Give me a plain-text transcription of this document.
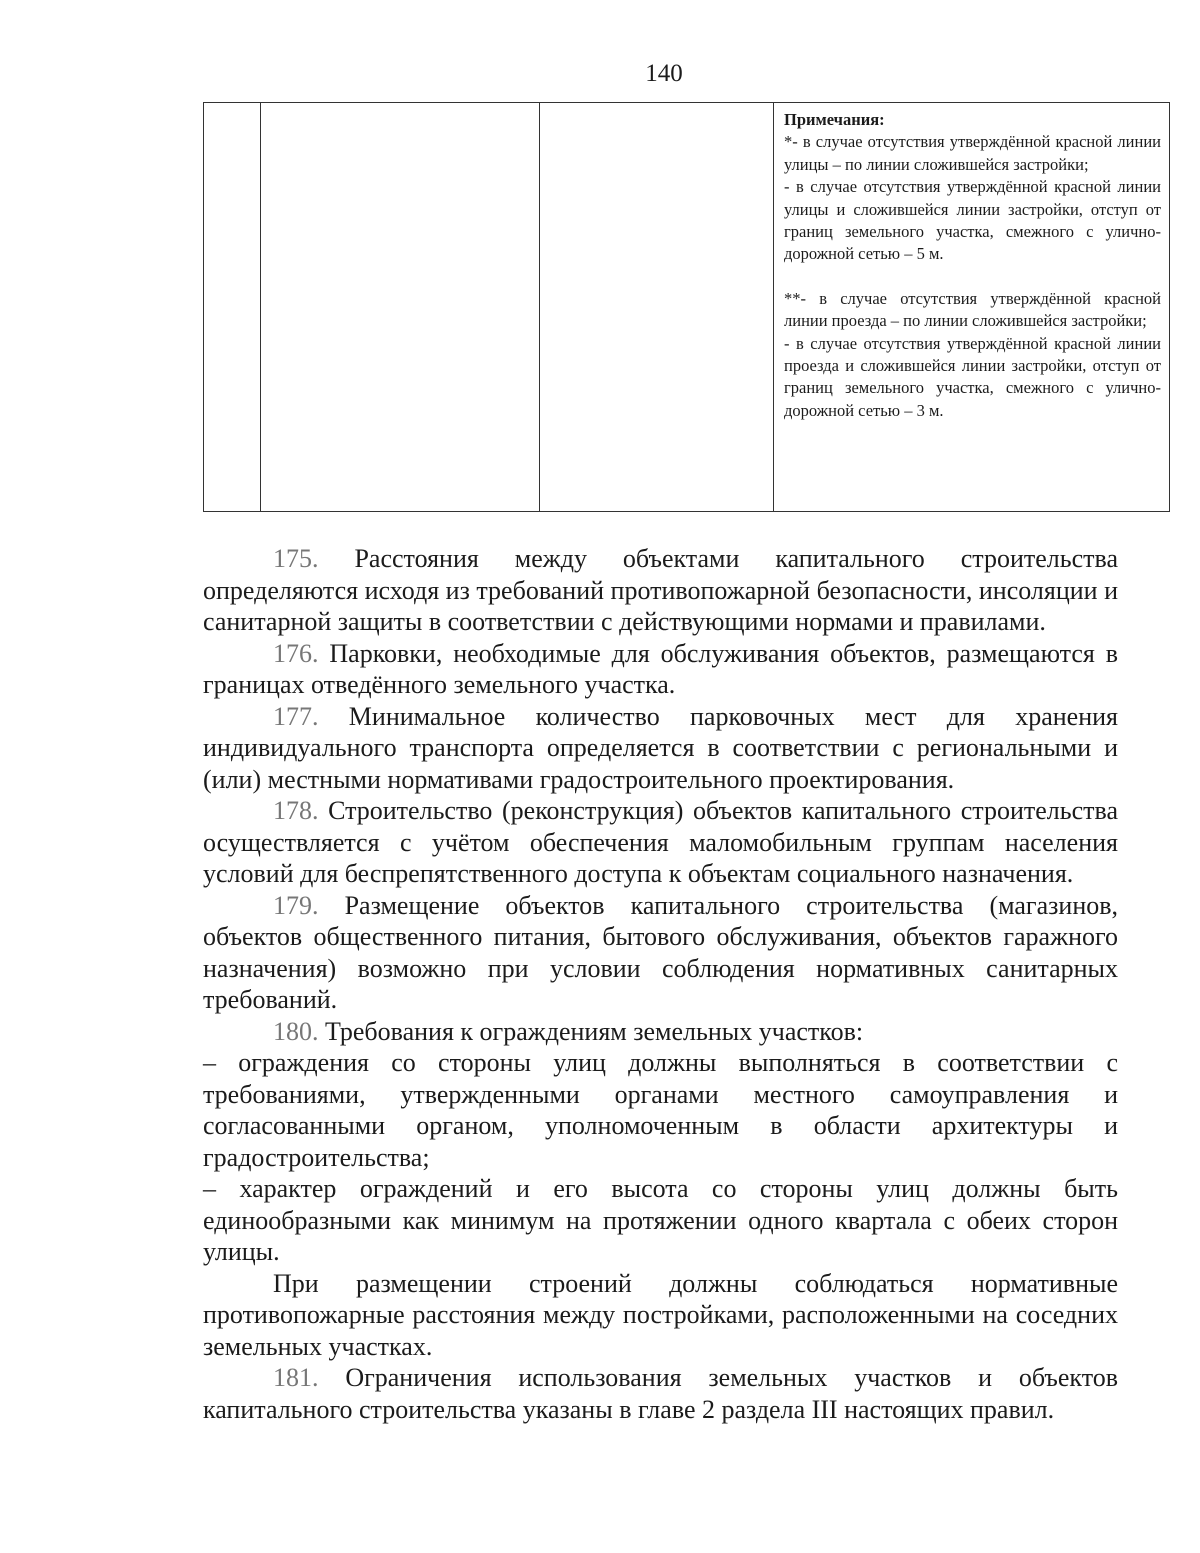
140

Примечания:
*- в случае отсутствия утверждённой красной линии улицы – по линии сложившейся застройки;
- в случае отсутствия утверждённой красной линии улицы и сложившейся линии застройки, отступ от границ земельного участка, смежного с улично-дорожной сетью – 5 м.
**- в случае отсутствия утверждённой красной линии проезда – по линии сложившейся застройки;
- в случае отсутствия утверждённой красной линии проезда и сложившейся линии застройки, отступ от границ земельного участка, смежного с улично-дорожной сетью – 3 м.

175. Расстояния между объектами капитального строительства определяются исходя из требований противопожарной безопасности, инсоляции и санитарной защиты в соответствии с действующими нормами и правилами.

176. Парковки, необходимые для обслуживания объектов, размещаются в границах отведённого земельного участка.

177. Минимальное количество парковочных мест для хранения индивидуального транспорта определяется в соответствии с региональными и (или) местными нормативами градостроительного проектирования.

178. Строительство (реконструкция) объектов капитального строительства осуществляется с учётом обеспечения маломобильным группам населения условий для беспрепятственного доступа к объектам социального назначения.

179. Размещение объектов капитального строительства (магазинов, объектов общественного питания, бытового обслуживания, объектов гаражного назначения) возможно при условии соблюдения нормативных санитарных требований.

180. Требования к ограждениям земельных участков:

– ограждения со стороны улиц должны выполняться в соответствии с требованиями, утвержденными органами местного самоуправления и согласованными органом, уполномоченным в области архитектуры и градостроительства;

– характер ограждений и его высота со стороны улиц должны быть единообразными как минимум на протяжении одного квартала с обеих сторон улицы.

При размещении строений должны соблюдаться нормативные противопожарные расстояния между постройками, расположенными на соседних земельных участках.

181. Ограничения использования земельных участков и объектов капитального строительства указаны в главе 2 раздела III настоящих правил.
